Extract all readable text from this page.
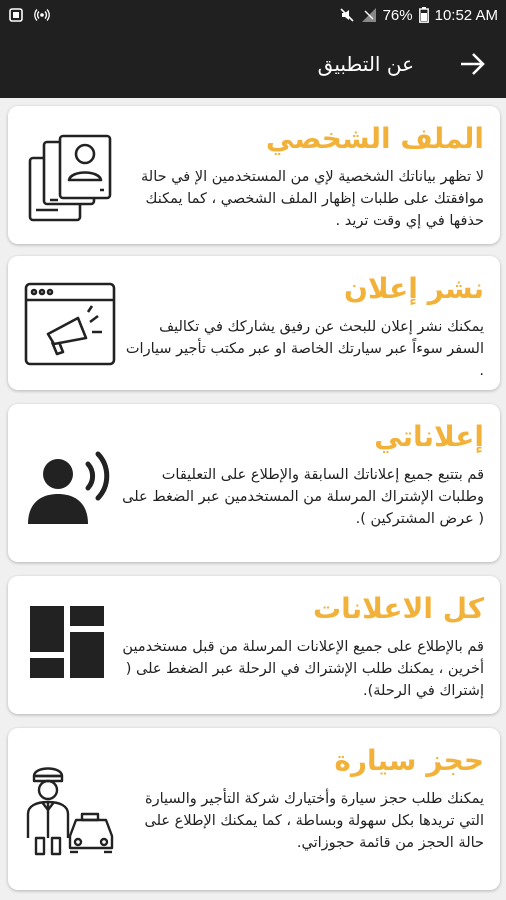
76% 10:52 AM
عن التطبيق
الملف الشخصي
لا تظهر بياناتك الشخصية لإي من المستخدمين الإ في حالة موافقتك على طلبات إظهار الملف الشخصي ، كما يمكنك حذفها في إي وقت تريد .
نشر إعلان
يمكنك نشر إعلان للبحث عن رفيق يشاركك في تكاليف السفر سوءاً عبر سيارتك الخاصة او عبر مكتب تأجير سيارات .
إعلاناتي
قم بتتبع جميع إعلاناتك السابقة والإطلاع على التعليقات وطلبات الإشتراك المرسلة من المستخدمين عبر الضغط على ( عرض المشتركين ).
كل الاعلانات
قم بالإطلاع على جميع الإعلانات المرسلة من قبل مستخدمين أخرين ، يمكنك طلب الإشتراك في الرحلة عبر الضغط على ( إشتراك في الرحلة).
حجز سيارة
يمكنك طلب حجز سيارة وأختيارك شركة التأجير والسيارة التي تريدها بكل سهولة وبساطة ، كما يمكنك الإطلاع على حالة الحجز من قائمة حجوزاتي.
